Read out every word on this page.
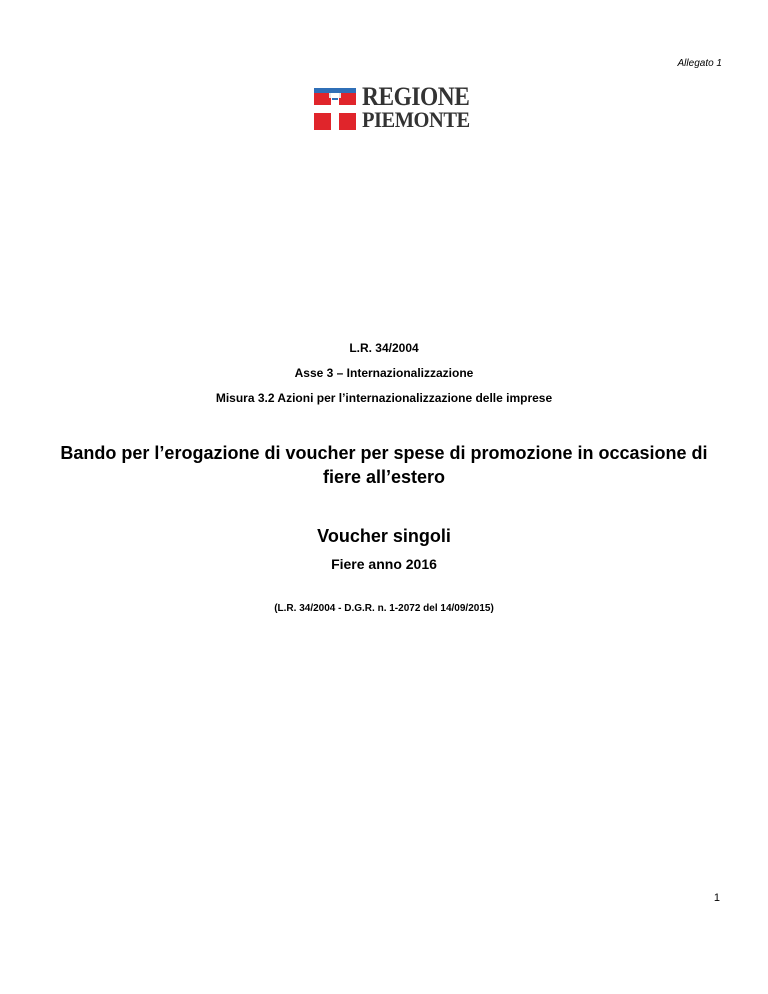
Allegato 1
REGIONE
PIEMONTE
L.R. 34/2004
Asse 3 – Internazionalizzazione
Misura 3.2 Azioni per l’internazionalizzazione delle imprese
Bando per l’erogazione di voucher per spese di promozione in occasione di
fiere all’estero
Voucher singoli
Fiere anno 2016
(L.R. 34/2004 - D.G.R. n. 1-2072 del 14/09/2015)
1
